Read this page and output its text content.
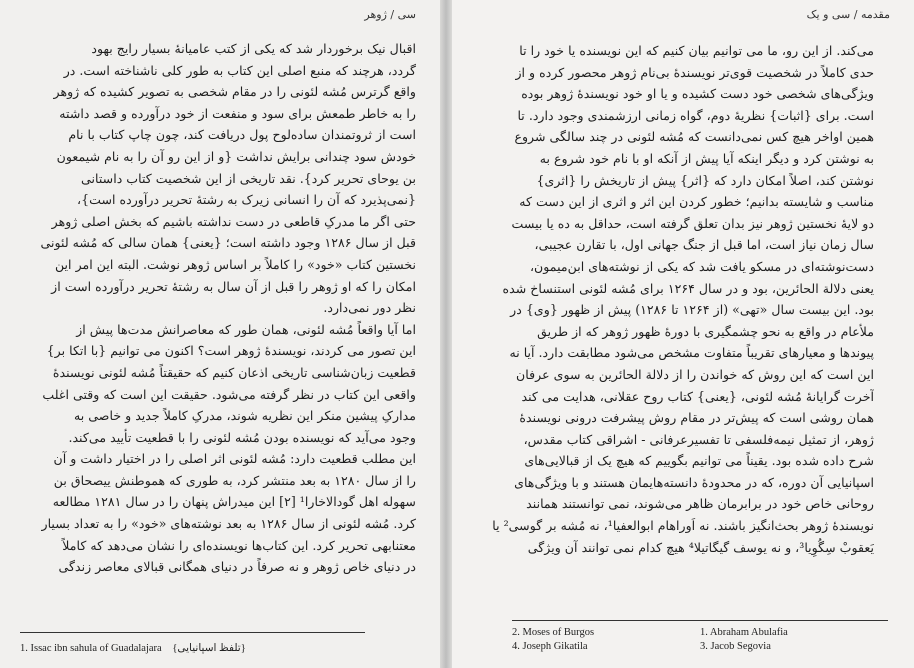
سی / ژوهر
اقبال نیک برخوردار شد که یکی از کتب عامیانهٔ بسیار رایج بهود
گردد، هرچند که منبع اصلی این کتاب به طور کلی ناشناخته است. در
واقع گرترس مُشه لئونی را در مقام شخصی به تصویر کشیده که ژوهر
را به خاطر طمعش برای سود و منفعت از خود درآورده و قصد داشته
است از ثروتمندان ساده‌لوح پول دریافت کند، چون چاپ کتاب با نام
خودش سود چندانی برایش نداشت {و از این رو آن را به نام شیمعون
بن یوحای تحریر کرد}. نقد تاریخی از این شخصیت کتاب داستانی
{نمی‌پذیرد که آن را انسانی زیرک به رشتهٔ تحریر درآورده است}،
حتی اگر ما مدرکِ قاطعی در دست نداشته باشیم که بخش اصلی ژوهر
قبل از سال ۱۲۸۶ وجود داشته است؛ {یعنی} همان سالی که مُشه لئونی
نخستین کتاب «خود» را کاملاً بر اساس ژوهر نوشت. البته این امر این
امکان را که او ژوهر را قبل از آن سال به رشتهٔ تحریر درآورده است از
نظر دور نمی‌دارد.
اما آیا واقعاً مُشه لئونی، همان طور که معاصرانش مدت‌ها پیش از
این تصور می کردند، نویسندهٔ ژوهر است؟ اکنون می توانیم {با اتکا بر}
قطعیت زبان‌شناسی تاریخی اذعان کنیم که حقیقتاً مُشه لئونی نویسندهٔ
واقعی این کتاب در نظر گرفته می‌شود. حقیقت این است که وقتی اغلب
مدارکِ پیشین منکر این نظریه شوند، مدرکِ کاملاً جدید و خاصی به
وجود می‌آید که نویسنده بودن مُشه لئونی را با قطعیت تأیید می‌کند.
این مطلب قطعیت دارد: مُشه لئونی اثر اصلی را در اختیار داشت و آن
را از سال ۱۲۸۰ به بعد منتشر کرد، به طوری که هموطنش ییصحاق بن
سهوله اهل گودالاخارا¹ [۲] این میدراش پنهان را در سال ۱۲۸۱ مطالعه
کرد. مُشه لئونی از سال ۱۲۸۶ به بعد نوشته‌های «خود» را به تعداد بسیار
معتنابهی تحریر کرد. این کتاب‌ها نویسنده‌ای را نشان می‌دهد که کاملاً
در دنیای خاص ژوهر و نه صرفاً در دنیای همگانی قبالای معاصر زندگی
1. Issac ibn sahula of Guadalajara {تلفظ اسپانیایی}
مقدمه / سی و یک
می‌کند. از این رو، ما می توانیم بیان کنیم که این نویسنده یا خود را تا
حدی کاملاً در شخصیت قوی‌تر نویسندهٔ بی‌نام ژوهر محصور کرده و از
ویژگی‌های شخصی خود دست کشیده و یا او خود نویسندهٔ ژوهر بوده
است. برای {اثبات} نظریهٔ دوم، گواه زمانی ارزشمندی وجود دارد. تا
همین اواخر هیچ کس نمی‌دانست که مُشه لئونی در چند سالگی شروع
به نوشتن کرد و دیگر اینکه آیا پیش از آنکه او با نام خود شروع به
نوشتن کند، اصلاً امکان دارد که {اثر} پیش از تاریخش را {اثری}
مناسب و شایسته بدانیم؛ خطور کردن این اثر و اثری از این دست که
دو لایهٔ نخستین ژوهر نیز بدان تعلق گرفته است، حداقل به ده یا بیست
سال زمان نیاز است، اما قبل از جنگ جهانی اول، با تقارن عجیبی،
دست‌نوشته‌ای در مسکو یافت شد که یکی از نوشته‌های ابن‌میمون،
یعنی دلالة الحائرین، بود و در سال ۱۲۶۴ برای مُشه لئونی استنساخ شده
بود. این بیست سال «تهی» (از ۱۲۶۴ تا ۱۲۸۶) پیش از ظهور {وی} در
ملأعام در واقع به نحو چشمگیری با دورهٔ ظهور ژوهر که از طریق
پیوندها و معیارهای تقریباً متفاوت مشخص می‌شود مطابقت دارد. آیا نه
این است که این روش که خواندن را از دلالة الحائرین به سوی عرفان
آخرت گرایانهٔ مُشه لئونی، {یعنی} کتاب روح عقلانی، هدایت می کند
همان روشی است که پیش‌تر در مقام روش پیشرفت درونی نویسندهٔ
ژوهر، از تمثیل نیمه‌فلسفی تا تفسیرعرفانی - اشراقی کتاب مقدس،
شرح داده شده بود. یقیناً می توانیم بگوییم که هیچ یک از قبالایی‌های
اسپانیایی آن دوره، که در محدودهٔ دانسته‌هایمان هستند و با ویژگی‌های
روحانی خاص خود در برابرمان ظاهر می‌شوند، نمی توانستند همانند
نویسندهٔ ژوهر بحث‌انگیز باشند. نه اَوراهام ابوالعفیا¹، نه مُشه بر گوسی² یا
یَعقوبْ سِگُوِیا³، و نه یوسف گیگاتیلا⁴ هیچ کدام نمی توانند آن ویژگی
2. Moses of Burgos	1. Abraham Abulafia
4. Joseph Gikatila	3. Jacob Segovia
